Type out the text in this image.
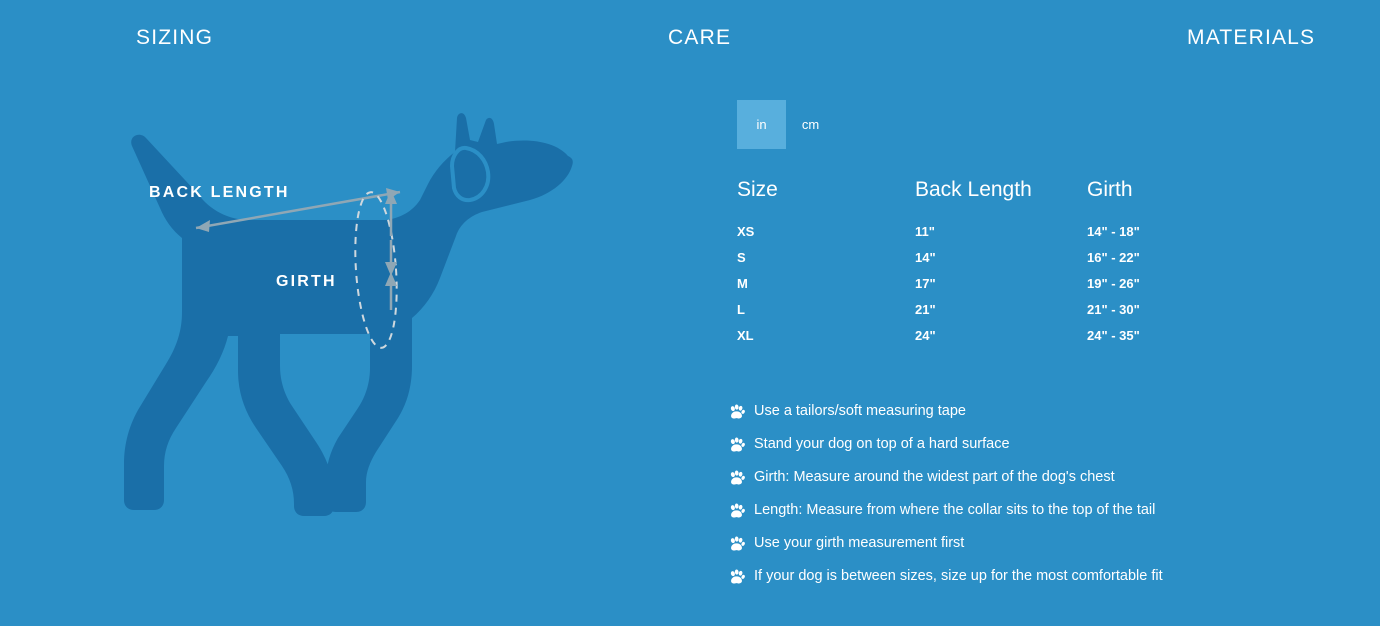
SIZING	CARE	MATERIALS
BACK LENGTH
GIRTH
in	cm
Size	Back Length	Girth
XS	11"	14" - 18"
S	14"	16" - 22"
M	17"	19" - 26"
L	21"	21" - 30"
XL	24"	24" - 35"
Use a tailors/soft measuring tape
Stand your dog on top of a hard surface
Girth: Measure around the widest part of the dog's chest
Length: Measure from where the collar sits to the top of the tail
Use your girth measurement first
If your dog is between sizes, size up for the most comfortable fit
